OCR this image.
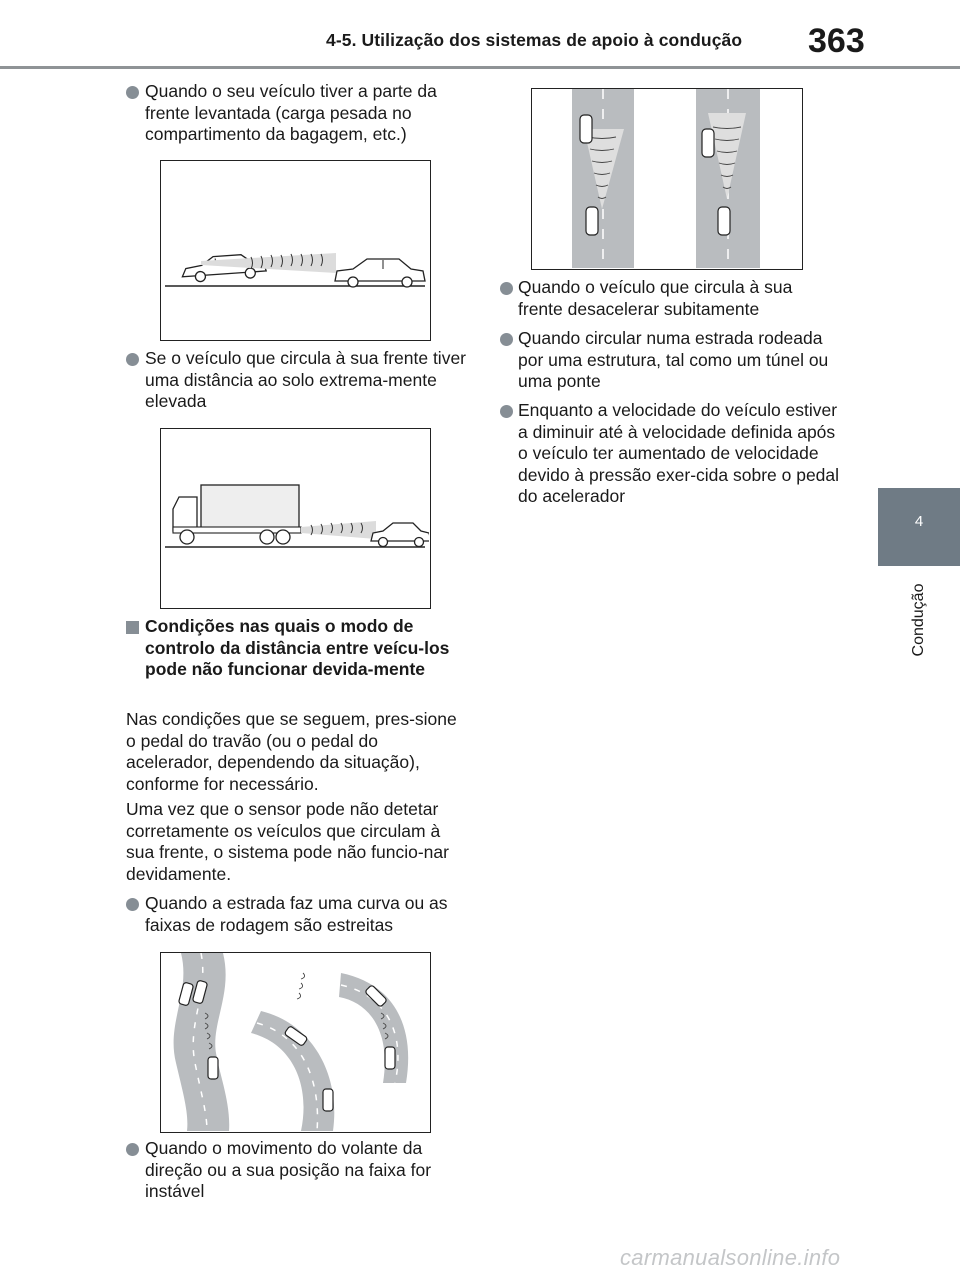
4-5. Utilização dos sistemas de apoio à condução 363
4
Condução
Quando o seu veículo tiver a parte da frente levantada (carga pesada no compartimento da bagagem, etc.)
Se o veículo que circula à sua frente tiver uma distância ao solo extrema-mente elevada
Condições nas quais o modo de controlo da distância entre veícu-los pode não funcionar devida-mente
Nas condições que se seguem, pres-sione o pedal do travão (ou o pedal do acelerador, dependendo da situação), conforme for necessário.
Uma vez que o sensor pode não detetar corretamente os veículos que circulam à sua frente, o sistema pode não funcio-nar devidamente.
Quando a estrada faz uma curva ou as faixas de rodagem são estreitas
Quando o movimento do volante da direção ou a sua posição na faixa for instável
Quando o veículo que circula à sua frente desacelerar subitamente
Quando circular numa estrada rodeada por uma estrutura, tal como um túnel ou uma ponte
Enquanto a velocidade do veículo estiver a diminuir até à velocidade definida após o veículo ter aumentado de velocidade devido à pressão exer-cida sobre o pedal do acelerador
carmanualsonline.info
